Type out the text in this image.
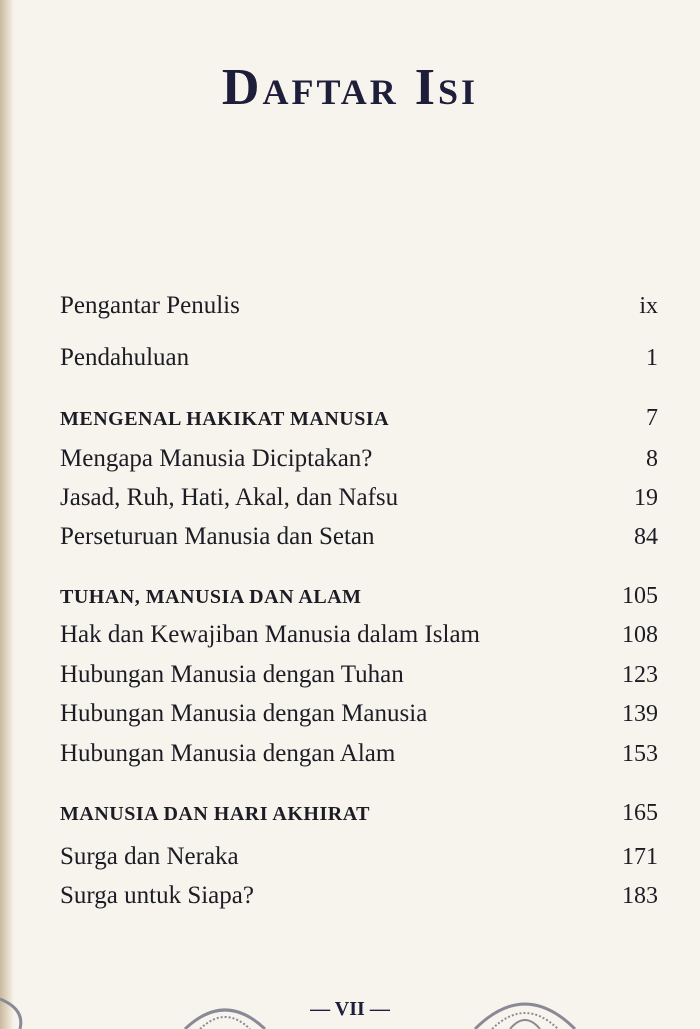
Daftar Isi
Pengantar Penulis	ix
Pendahuluan	1
MENGENAL HAKIKAT MANUSIA	7
Mengapa Manusia Diciptakan?	8
Jasad, Ruh, Hati, Akal, dan Nafsu	19
Perseturuan Manusia dan Setan	84
TUHAN, MANUSIA DAN ALAM	105
Hak dan Kewajiban Manusia dalam Islam	108
Hubungan Manusia dengan Tuhan	123
Hubungan Manusia dengan Manusia	139
Hubungan Manusia dengan Alam	153
MANUSIA DAN HARI AKHIRAT	165
Surga dan Neraka	171
Surga untuk Siapa?	183
— VII —
